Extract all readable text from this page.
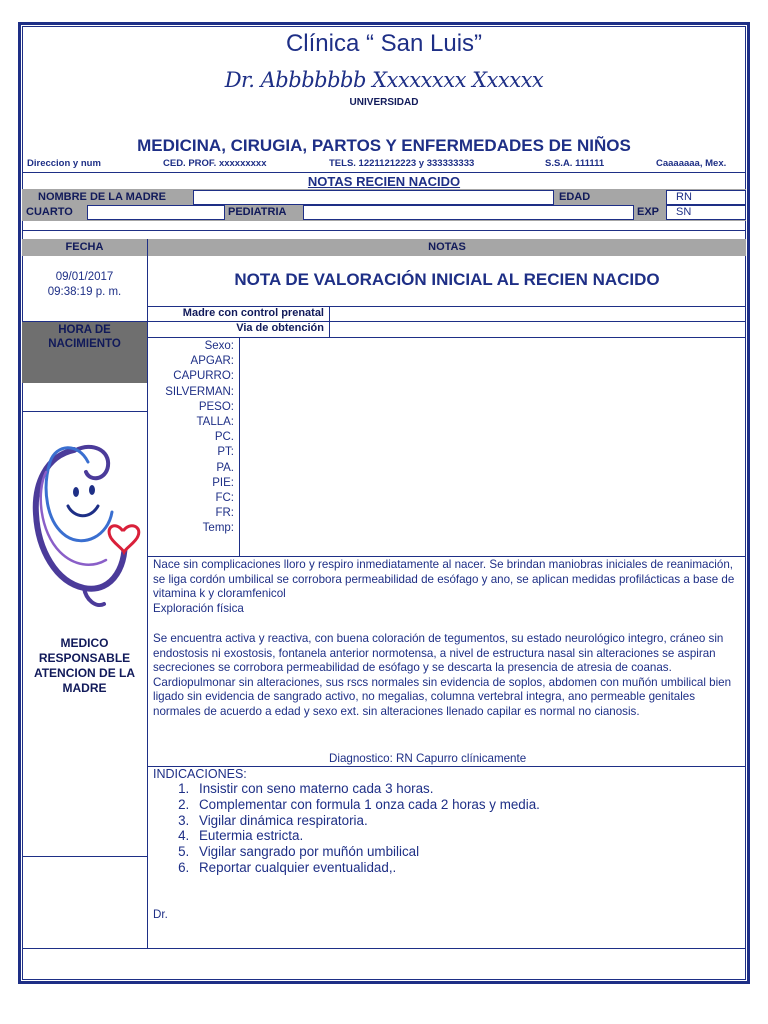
Clínica “ San Luis”
Dr. Abbbbbbb Xxxxxxxx Xxxxxx
UNIVERSIDAD
MEDICINA, CIRUGIA, PARTOS Y ENFERMEDADES DE NIÑOS
Direccion y num	CED. PROF. xxxxxxxxx	TELS. 12211212223 y 333333333	S.S.A. 111111	Caaaaaaa, Mex.
NOTAS RECIEN NACIDO
NOMBRE DE LA MADRE	EDAD	RN
CUARTO	PEDIATRIA	EXP	SN
FECHA	NOTAS
09/01/2017
09:38:19 p. m.
HORA DE NACIMIENTO
MEDICO RESPONSABLE ATENCION DE LA MADRE
NOTA DE VALORACIÓN INICIAL AL RECIEN NACIDO
Madre con control prenatal
Via de obtención
Sexo:
APGAR:
CAPURRO:
SILVERMAN:
PESO:
TALLA:
PC.
PT:
PA.
PIE:
FC:
FR:
Temp:
Nace sin complicaciones lloro y respiro inmediatamente al nacer. Se brindan maniobras iniciales de reanimación, se liga cordón umbilical se corrobora permeabilidad de esófago y ano, se aplican medidas profilácticas a base de vitamina k y cloramfenicol
Exploración física
Se encuentra activa y reactiva, con buena coloración de tegumentos, su estado neurológico integro, cráneo sin endostosis ni exostosis, fontanela anterior normotensa, a nivel de estructura nasal sin alteraciones se aspiran secreciones se corrobora permeabilidad de esófago y se descarta la presencia de atresia de coanas. Cardiopulmonar sin alteraciones, sus rscs normales sin evidencia de soplos, abdomen con muñón umbilical bien ligado sin evidencia de sangrado activo, no megalias, columna vertebral integra, ano permeable genitales normales de acuerdo a edad y sexo ext. sin alteraciones llenado capilar es normal no cianosis.
Diagnostico: RN Capurro clínicamente
INDICACIONES:
1. Insistir con seno materno cada 3 horas.
2. Complementar con formula 1 onza cada 2 horas y media.
3. Vigilar dinámica respiratoria.
4. Eutermia estricta.
5. Vigilar sangrado por muñón umbilical
6. Reportar cualquier eventualidad,.
Dr.
